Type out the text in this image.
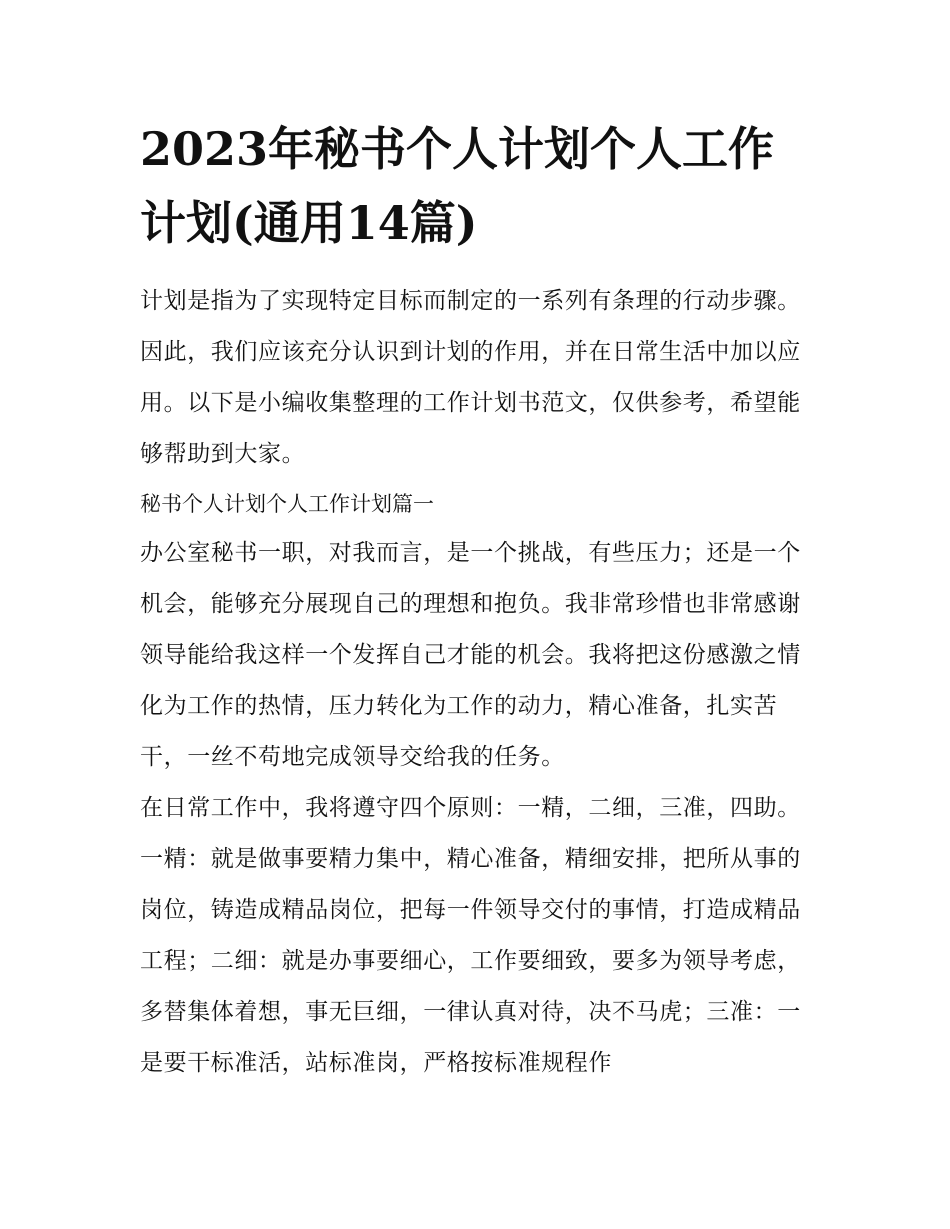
2023年秘书个人计划个人工作计划(通用14篇)

计划是指为了实现特定目标而制定的一系列有条理的行动步骤。因此，我们应该充分认识到计划的作用，并在日常生活中加以应用。以下是小编收集整理的工作计划书范文，仅供参考，希望能够帮助到大家。

秘书个人计划个人工作计划篇一

办公室秘书一职，对我而言，是一个挑战，有些压力；还是一个机会，能够充分展现自己的理想和抱负。我非常珍惜也非常感谢领导能给我这样一个发挥自己才能的机会。我将把这份感激之情化为工作的热情，压力转化为工作的动力，精心准备，扎实苦干，一丝不苟地完成领导交给我的任务。

在日常工作中，我将遵守四个原则：一精，二细，三准，四助。一精：就是做事要精力集中，精心准备，精细安排，把所从事的岗位，铸造成精品岗位，把每一件领导交付的事情，打造成精品工程；二细：就是办事要细心，工作要细致，要多为领导考虑，多替集体着想，事无巨细，一律认真对待，决不马虎；三准：一是要干标准活，站标准岗，严格按标准规程作
